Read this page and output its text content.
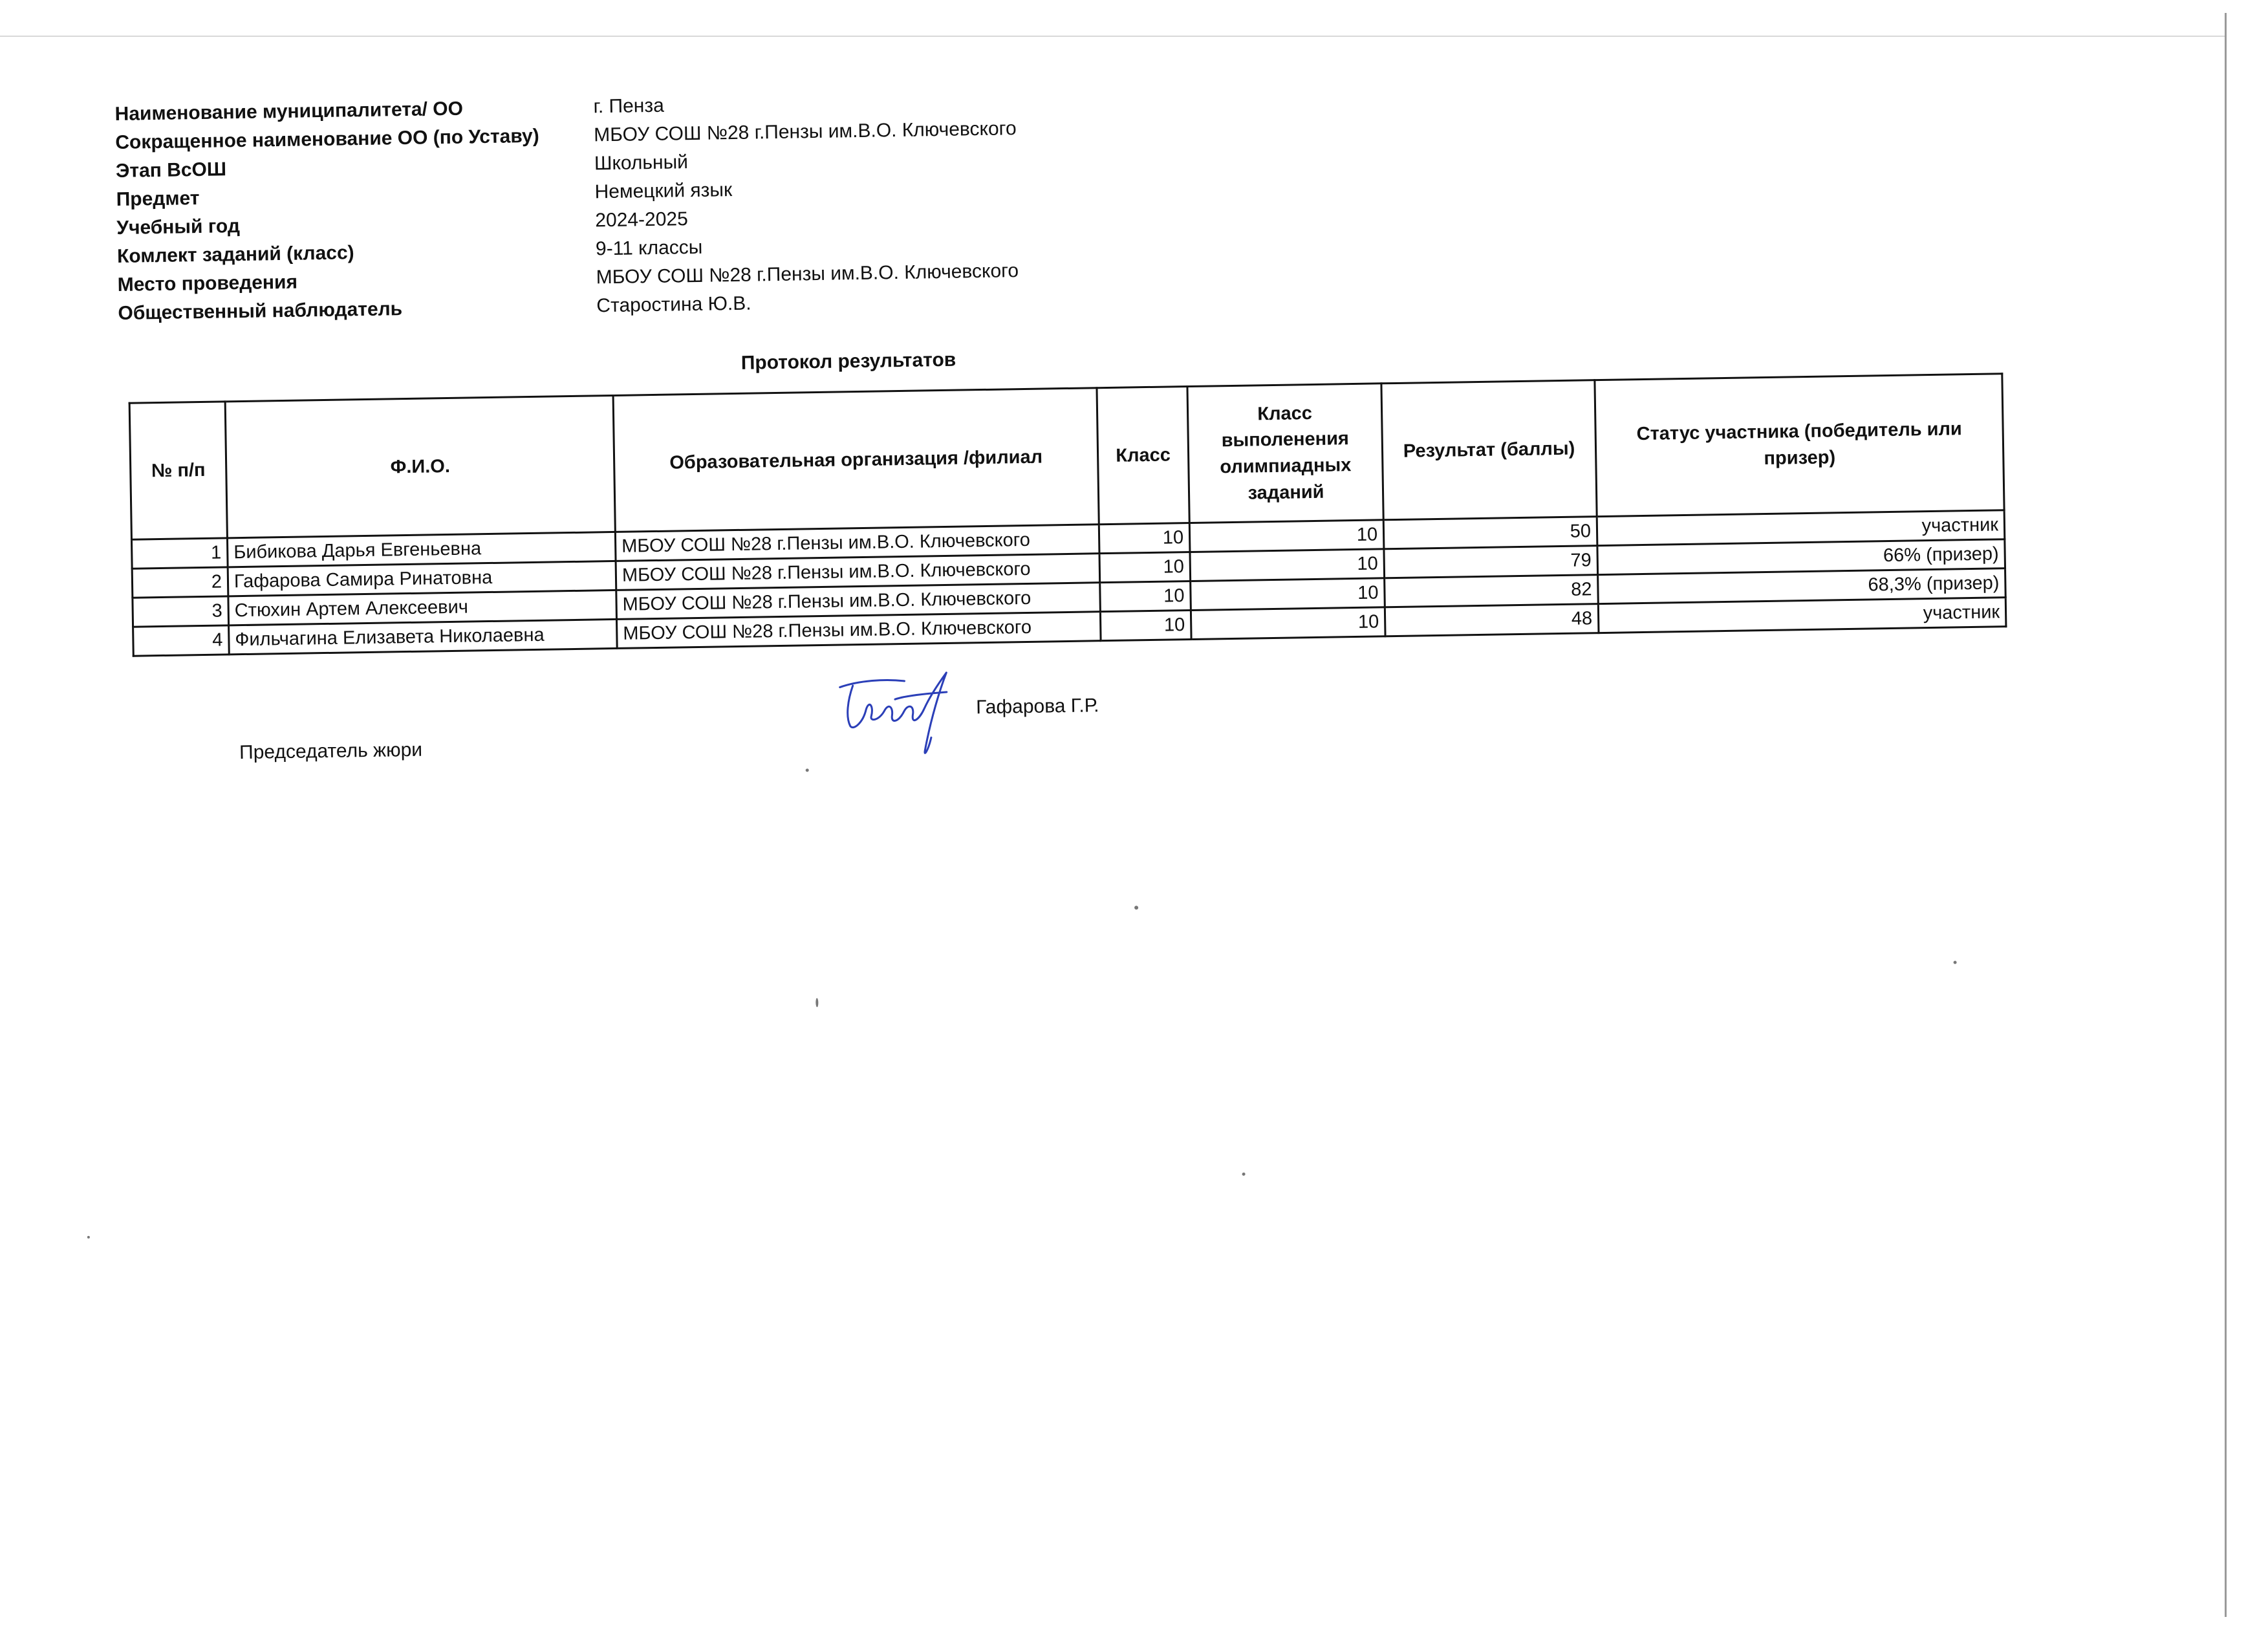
Наименование муниципалитета/ ОО	г. Пенза
Сокращенное наименование ОО (по Уставу)	МБОУ СОШ №28 г.Пензы им.В.О. Ключевского
Этап ВсОШ	Школьный
Предмет	Немецкий язык
Учебный год	2024-2025
Комлект заданий (класс)	9-11 классы
Место проведения	МБОУ СОШ №28 г.Пензы им.В.О. Ключевского
Общественный наблюдатель	Старостина Ю.В.
Протокол результатов
№ п/п	Ф.И.О.	Образовательная организация /филиал	Класс	Класс выполенения олимпиадных заданий	Результат (баллы)	Статус участника (победитель или призер)
1	Бибикова Дарья Евгеньевна	МБОУ СОШ №28 г.Пензы им.В.О. Ключевского	10	10	50	участник
2	Гафарова Самира Ринатовна	МБОУ СОШ №28 г.Пензы им.В.О. Ключевского	10	10	79	66% (призер)
3	Стюхин Артем Алексеевич	МБОУ СОШ №28 г.Пензы им.В.О. Ключевского	10	10	82	68,3% (призер)
4	Фильчагина Елизавета Николаевна	МБОУ СОШ №28 г.Пензы им.В.О. Ключевского	10	10	48	участник
Председатель жюри
Гафарова Г.Р.
